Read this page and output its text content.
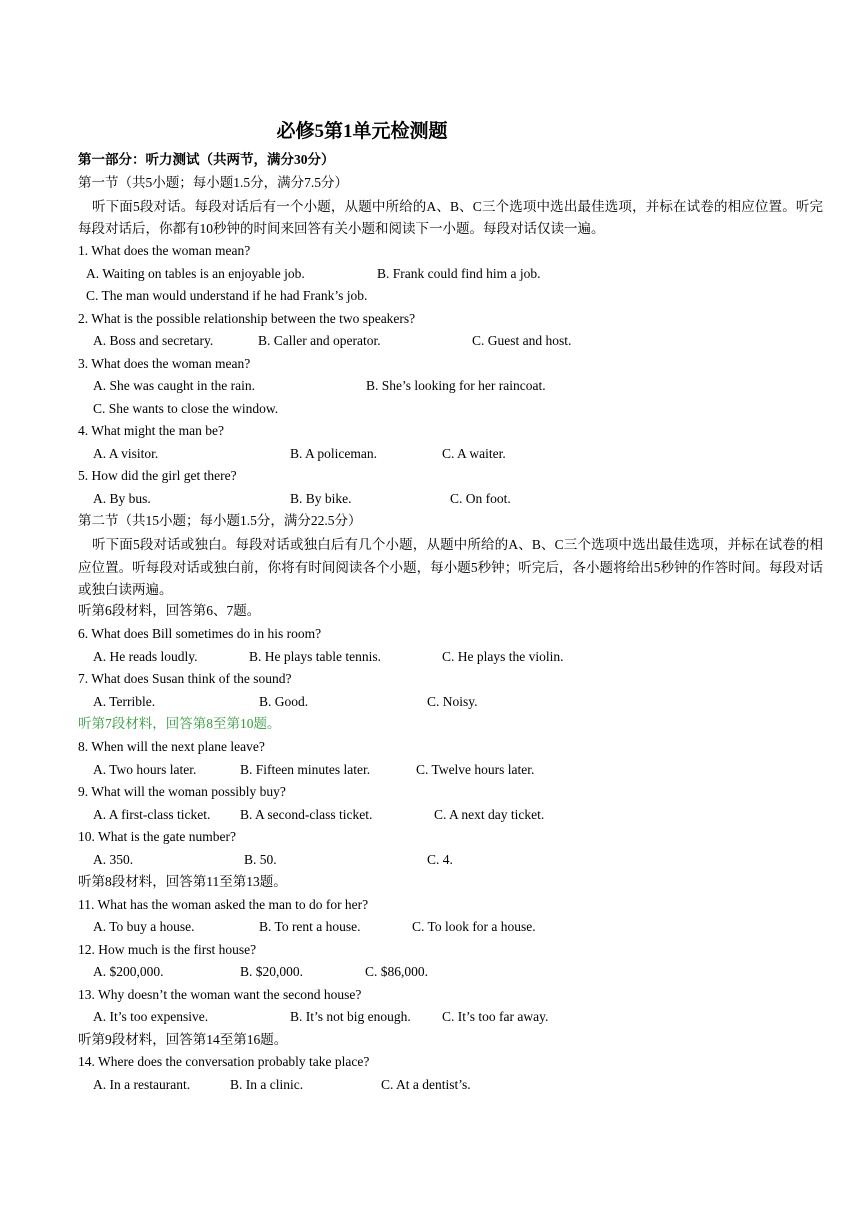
必修5第1单元检测题
第一部分：听力测试（共两节，满分30分）
第一节（共5小题；每小题1.5分，满分7.5分）
听下面5段对话。每段对话后有一个小题，从题中所给的A、B、C三个选项中选出最佳选项，并标在试卷的相应位置。听完每段对话后，你都有10秒钟的时间来回答有关小题和阅读下一小题。每段对话仅读一遍。
1. What does the woman mean?
A. Waiting on tables is an enjoyable job.	B. Frank could find him a job.
C. The man would understand if he had Frank’s job.
2. What is the possible relationship between the two speakers?
A. Boss and secretary.	B. Caller and operator.	C. Guest and host.
3. What does the woman mean?
A. She was caught in the rain.	B. She’s looking for her raincoat.
C. She wants to close the window.
4. What might the man be?
A. A visitor.	B. A policeman.	C. A waiter.
5. How did the girl get there?
A. By bus.	B. By bike.	C. On foot.
第二节（共15小题；每小题1.5分，满分22.5分）
听下面5段对话或独白。每段对话或独白后有几个小题，从题中所给的A、B、C三个选项中选出最佳选项，并标在试卷的相应位置。听每段对话或独白前，你将有时间阅读各个小题，每小题5秒钟；听完后，各小题将给出5秒钟的作答时间。每段对话或独白读两遍。
听第6段材料，回答第6、7题。
6. What does Bill sometimes do in his room?
A. He reads loudly.	B. He plays table tennis.	C. He plays the violin.
7. What does Susan think of the sound?
A. Terrible.	B. Good.	C. Noisy.
听第7段材料，回答第8至第10题。
8. When will the next plane leave?
A. Two hours later.	B. Fifteen minutes later.	C. Twelve hours later.
9. What will the woman possibly buy?
A. A first-class ticket. B. A second-class ticket.	C. A next day ticket.
10. What is the gate number?
A. 350.	B. 50.	C. 4.
听第8段材料，回答第11至第13题。
11. What has the woman asked the man to do for her?
A. To buy a house.	B. To rent a house.	C. To look for a house.
12. How much is the first house?
A. $200,000.	B. $20,000.	C. $86,000.
13. Why doesn’t the woman want the second house?
A. It’s too expensive.	B. It’s not big enough. C. It’s too far away.
听第9段材料，回答第14至第16题。
14. Where does the conversation probably take place?
A. In a restaurant.	B. In a clinic.	C. At a dentist’s.
